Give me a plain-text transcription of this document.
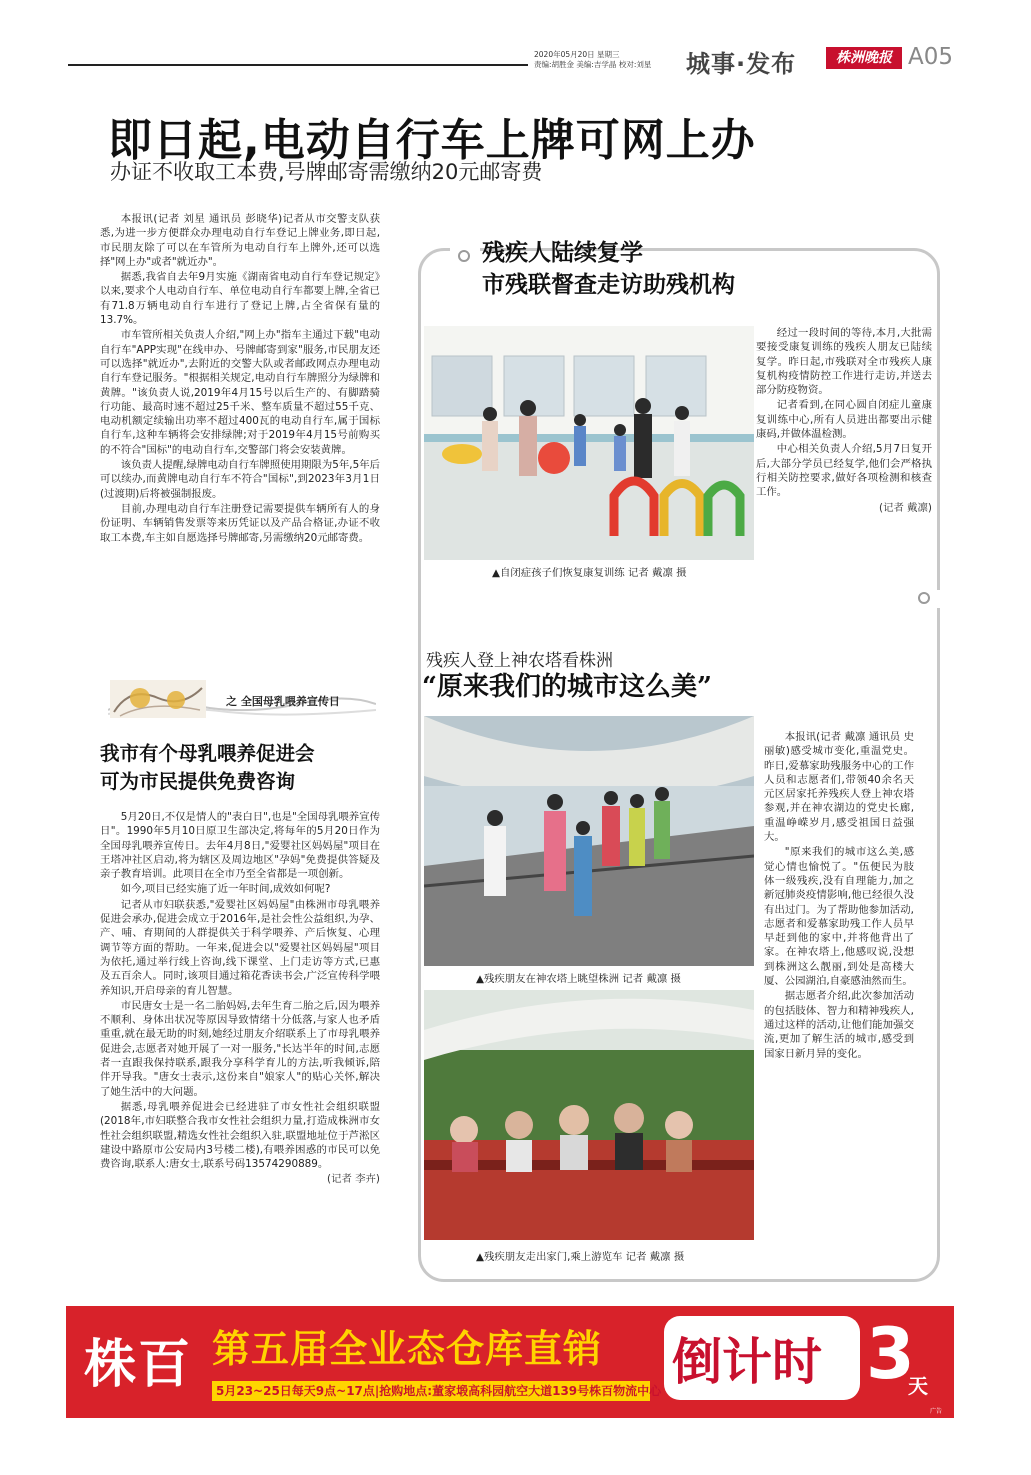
2020年05月20日 星期三
责编:胡胜金 美编:吉学晶 校对:刘星	城事·发布	株洲晚报 A05
即日起,电动自行车上牌可网上办
办证不收取工本费,号牌邮寄需缴纳20元邮寄费

本报讯(记者 刘星 通讯员 彭晓华)记者从市交警支队获悉,为进一步方便群众办理电动自行车登记上牌业务,即日起,市民朋友除了可以在车管所为电动自行车上牌外,还可以选择"网上办"或者"就近办"。

据悉,我省自去年9月实施《湖南省电动自行车登记规定》以来,要求个人电动自行车、单位电动自行车都要上牌,全省已有71.8万辆电动自行车进行了登记上牌,占全省保有量的13.7%。

市车管所相关负责人介绍,"网上办"指车主通过下载"电动自行车"APP实现"在线申办、号牌邮寄到家"服务,市民朋友还可以选择"就近办",去附近的交警大队或者邮政网点办理电动自行车登记服务。"根据相关规定,电动自行车牌照分为绿牌和黄牌。"该负责人说,2019年4月15号以后生产的、有脚踏骑行功能、最高时速不超过25千米、整车质量不超过55千克、电动机额定续输出功率不超过400瓦的电动自行车,属于国标自行车,这种车辆将会安排绿牌;对于2019年4月15号前购买的不符合"国标"的电动自行车,交警部门将会安装黄牌。

该负责人提醒,绿牌电动自行车牌照使用期限为5年,5年后可以续办,而黄牌电动自行车不符合"国标",到2023年3月1日(过渡期)后将被强制报废。

目前,办理电动自行车注册登记需要提供车辆所有人的身份证明、车辆销售发票等来历凭证以及产品合格证,办证不收取工本费,车主如自愿选择号牌邮寄,另需缴纳20元邮寄费。

残疾人陆续复学
市残联督查走访助残机构
▲自闭症孩子们恢复康复训练 记者 戴凛 摄

经过一段时间的等待,本月,大批需要接受康复训练的残疾人朋友已陆续复学。昨日起,市残联对全市残疾人康复机构疫情防控工作进行走访,并送去部分防疫物资。

记者看到,在同心圆自闭症儿童康复训练中心,所有人员进出都要出示健康码,并做体温检测。

中心相关负责人介绍,5月7日复开后,大部分学员已经复学,他们会严格执行相关防控要求,做好各项检测和核查工作。

(记者 戴凛)
残疾人登上神农塔看株洲
“原来我们的城市这么美”
▲残疾朋友在神农塔上眺望株洲 记者 戴凛 摄
▲残疾朋友走出家门,乘上游览车 记者 戴凛 摄

本报讯(记者 戴凛 通讯员 史丽敏)感受城市变化,重温党史。昨日,爱慕家助残服务中心的工作人员和志愿者们,带领40余名天元区居家托养残疾人登上神农塔参观,并在神农湖边的党史长廊,重温峥嵘岁月,感受祖国日益强大。

"原来我们的城市这么美,感觉心情也愉悦了。"伍便民为肢体一级残疾,没有自理能力,加之新冠肺炎疫情影响,他已经很久没有出过门。为了帮助他参加活动,志愿者和爱慕家助残工作人员早早赶到他的家中,并将他背出了家。在神农塔上,他感叹说,没想到株洲这么靓丽,到处是高楼大厦、公园湖泊,自豪感油然而生。

据志愿者介绍,此次参加活动的包括肢体、智力和精神残疾人,通过这样的活动,让他们能加强交流,更加了解生活的城市,感受到国家日新月异的变化。

之 全国母乳喂养宣传日
我市有个母乳喂养促进会
可为市民提供免费咨询

5月20日,不仅是情人的"表白日",也是"全国母乳喂养宣传日"。1990年5月10日原卫生部决定,将每年的5月20日作为全国母乳喂养宣传日。去年4月8日,"爱婴社区妈妈屋"项目在王塔冲社区启动,将为辖区及周边地区"孕妈"免费提供答疑及亲子教育培训。此项目在全市乃至全省都是一项创新。

如今,项目已经实施了近一年时间,成效如何呢?

记者从市妇联获悉,"爱婴社区妈妈屋"由株洲市母乳喂养促进会承办,促进会成立于2016年,是社会性公益组织,为孕、产、哺、育期间的人群提供关于科学喂养、产后恢复、心理调节等方面的帮助。一年来,促进会以"爱婴社区妈妈屋"项目为依托,通过举行线上咨询,线下课堂、上门走访等方式,已惠及五百余人。同时,该项目通过箱花香读书会,广泛宣传科学喂养知识,开启母亲的育儿智慧。

市民唐女士是一名二胎妈妈,去年生育二胎之后,因为喂养不顺利、身体出状况等原因导致情绪十分低落,与家人也矛盾重重,就在最无助的时刻,她经过朋友介绍联系上了市母乳喂养促进会,志愿者对她开展了一对一服务,"长达半年的时间,志愿者一直跟我保持联系,跟我分享科学育儿的方法,听我倾诉,陪伴开导我。"唐女士表示,这份来自"娘家人"的贴心关怀,解决了她生活中的大问题。

据悉,母乳喂养促进会已经进驻了市女性社会组织联盟(2018年,市妇联整合我市女性社会组织力量,打造成株洲市女性社会组织联盟,精选女性社会组织入驻,联盟地址位于芦淞区建设中路原市公安局内3号楼二楼),有喂养困惑的市民可以免费咨询,联系人:唐女士,联系号码13574290889。

(记者 李卉)
株百 第五届全业态仓库直销
5月23~25日每天9点~17点|抢购地点:董家塅高科园航空大道139号株百物流中心 倒计时 3
天
广告
